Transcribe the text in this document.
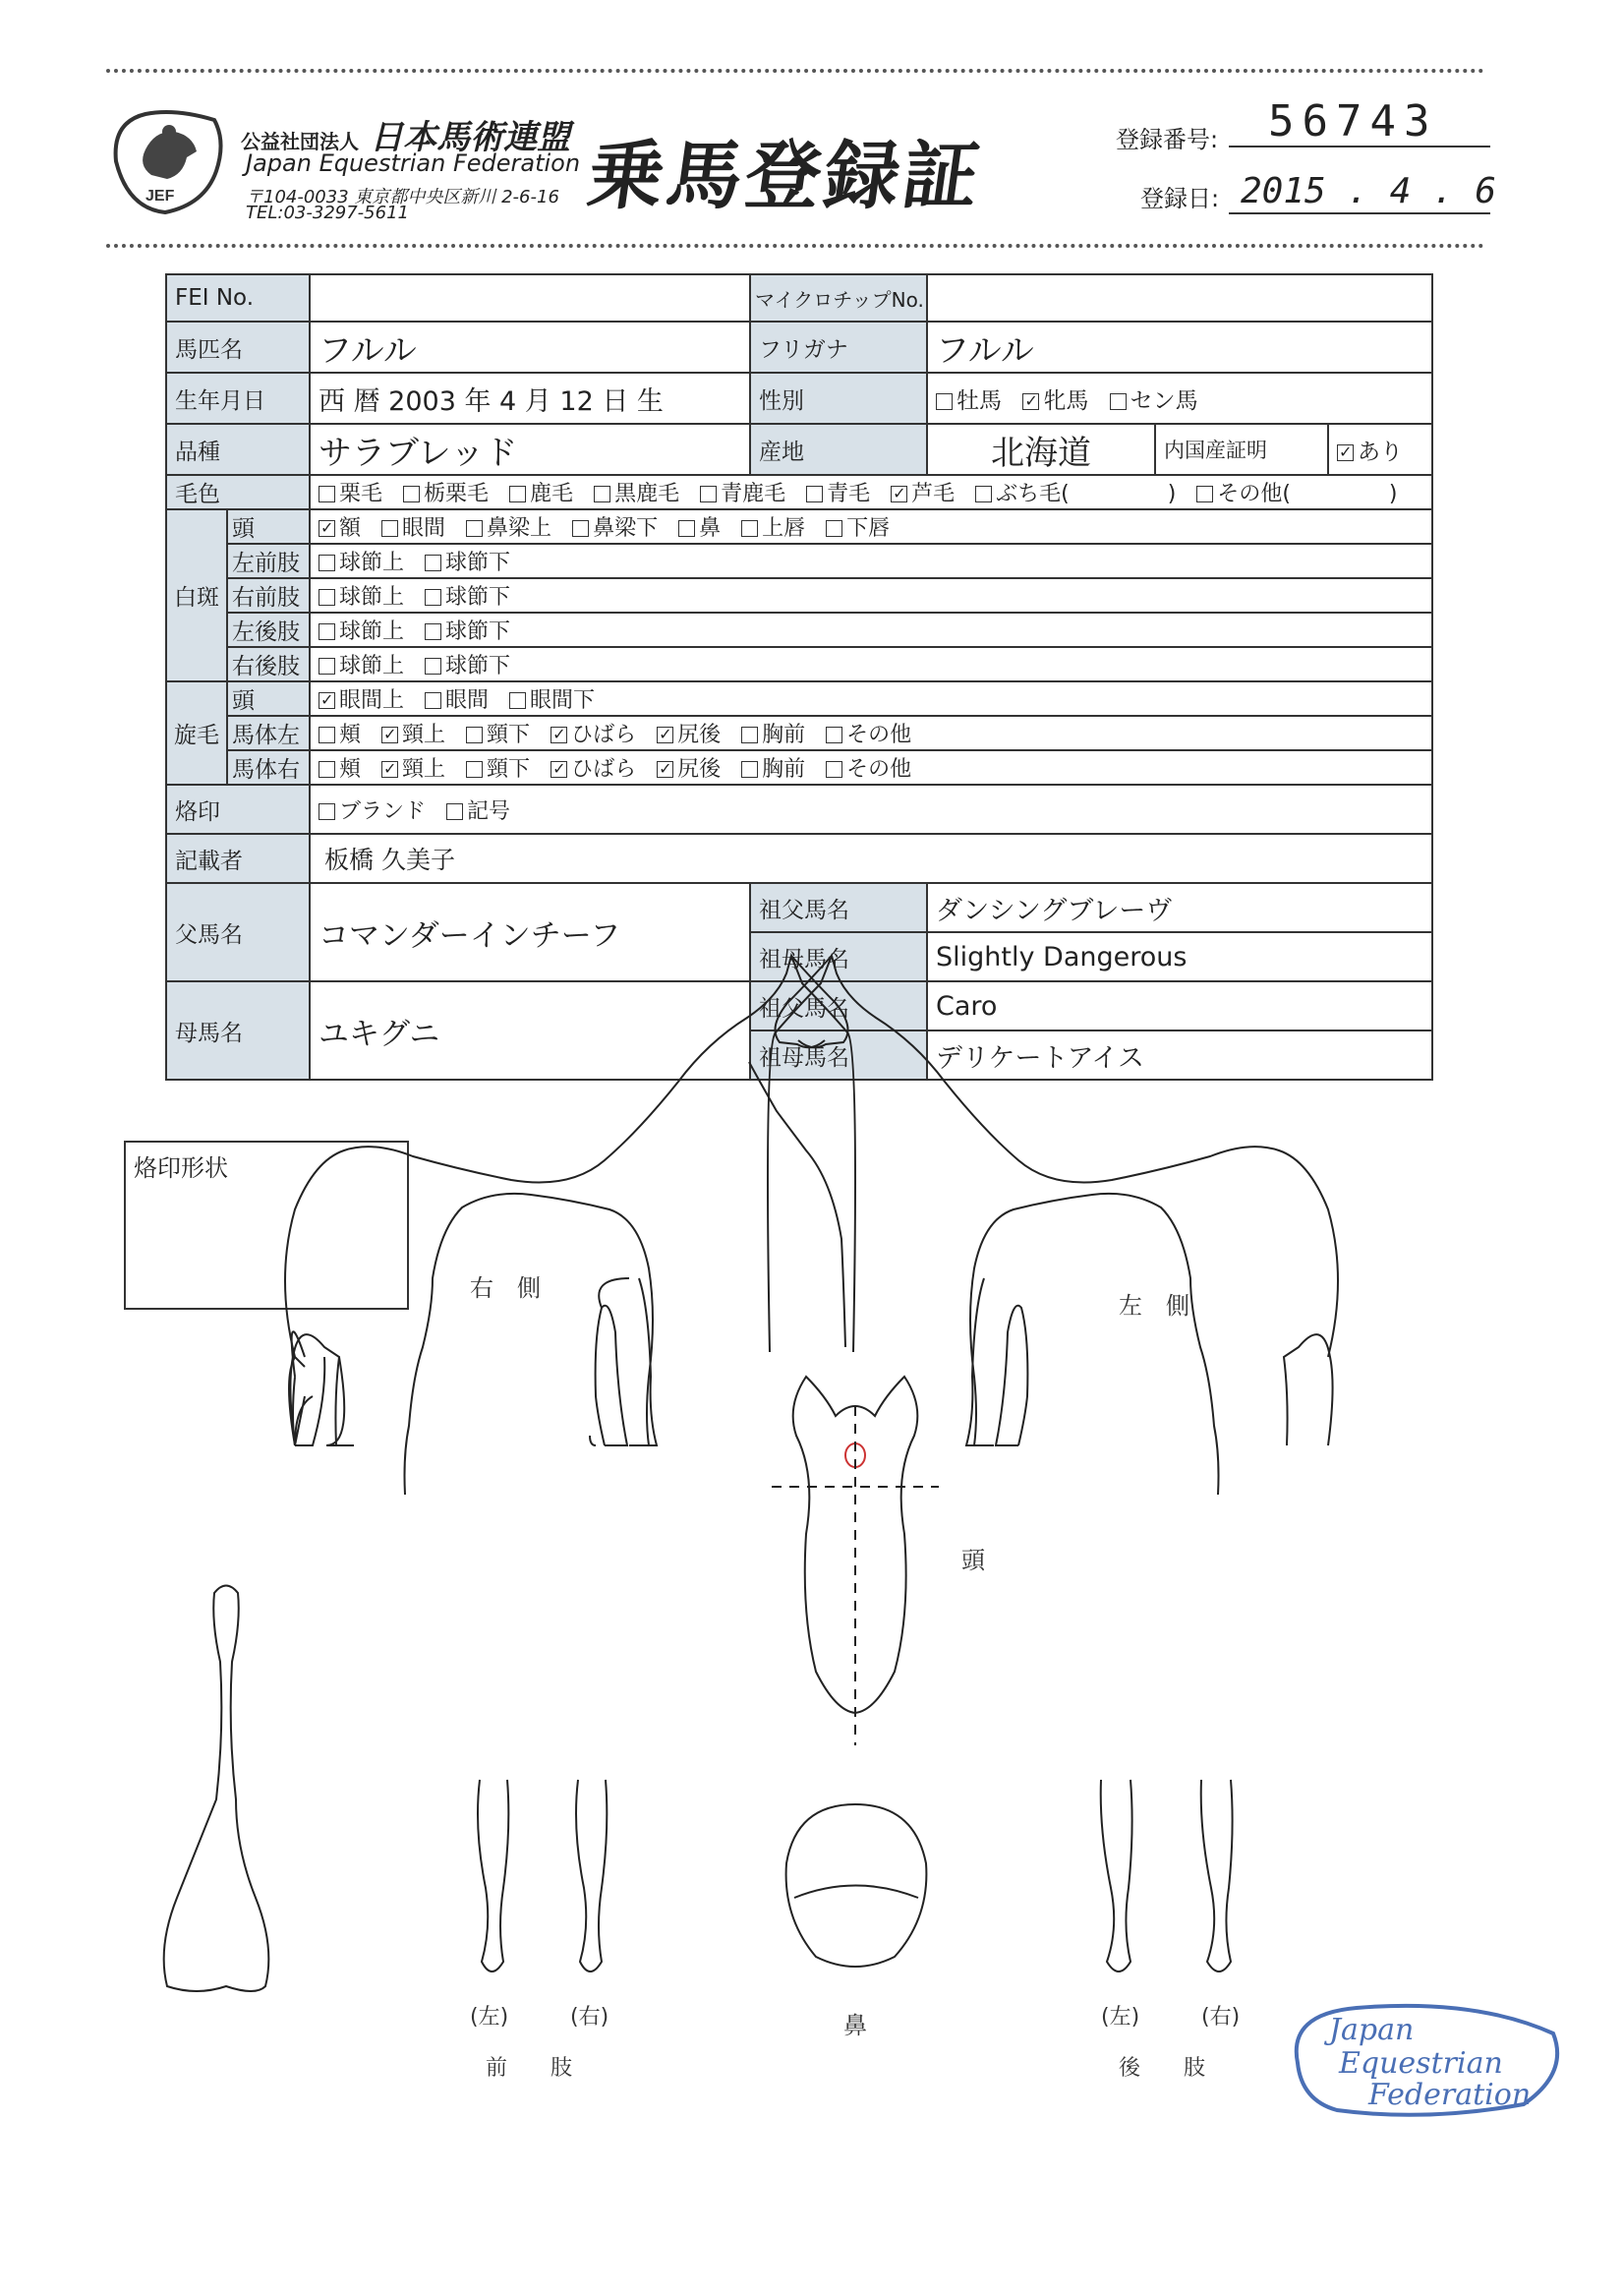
JEF
公益社団法人 日本馬術連盟
Japan Equestrian Federation
〒104-0033 東京都中央区新川 2-6-16
TEL:03-3297-5611 乗馬登録証	登録番号: 56743
登録日: 2015 . 4 . 6
FEI No.			マイクロチップNo.			
馬匹名		フルル	フリガナ	フルル		
生年月日		西 暦 2003 年 4 月 12 日 生	性別	牡馬 ✓ 牝馬 セン馬
品種		サラブレッド	産地	北海道	内国産証明	✓あり
毛色		栗毛 栃栗毛 鹿毛 黒鹿毛 青鹿毛 青毛 ✓ 芦毛 ぶち毛( ) その他( )
白斑	頭	✓額 眼間 鼻梁上 鼻梁下 鼻 上唇 下唇
	左前肢	球節上 球節下				
	右前肢	球節上 球節下				
	左後肢	球節上 球節下				
	右後肢	球節上 球節下				
旋毛	頭	✓眼間上 眼間 眼間下
	馬体左	頬 ✓ 頸上 頸下 ✓ ひばら ✓ 尻後 胸前 その他
	馬体右	頬 ✓ 頸上 頸下 ✓ ひばら ✓ 尻後 胸前 その他
烙印		ブランド 記号				
記載者		板橋 久美子				
父馬名		コマンダーインチーフ	祖父馬名	ダンシングブレーヴ		
			祖母馬名	Slightly Dangerous		
母馬名		ユキグニ	祖父馬名	Caro		
			祖母馬名	デリケートアイス		
烙印形状
右　側
左　側
頭
鼻
(左)	(右)
前　　肢
(左)	(右)
後　　肢
Japan
Equestrian
Federation
